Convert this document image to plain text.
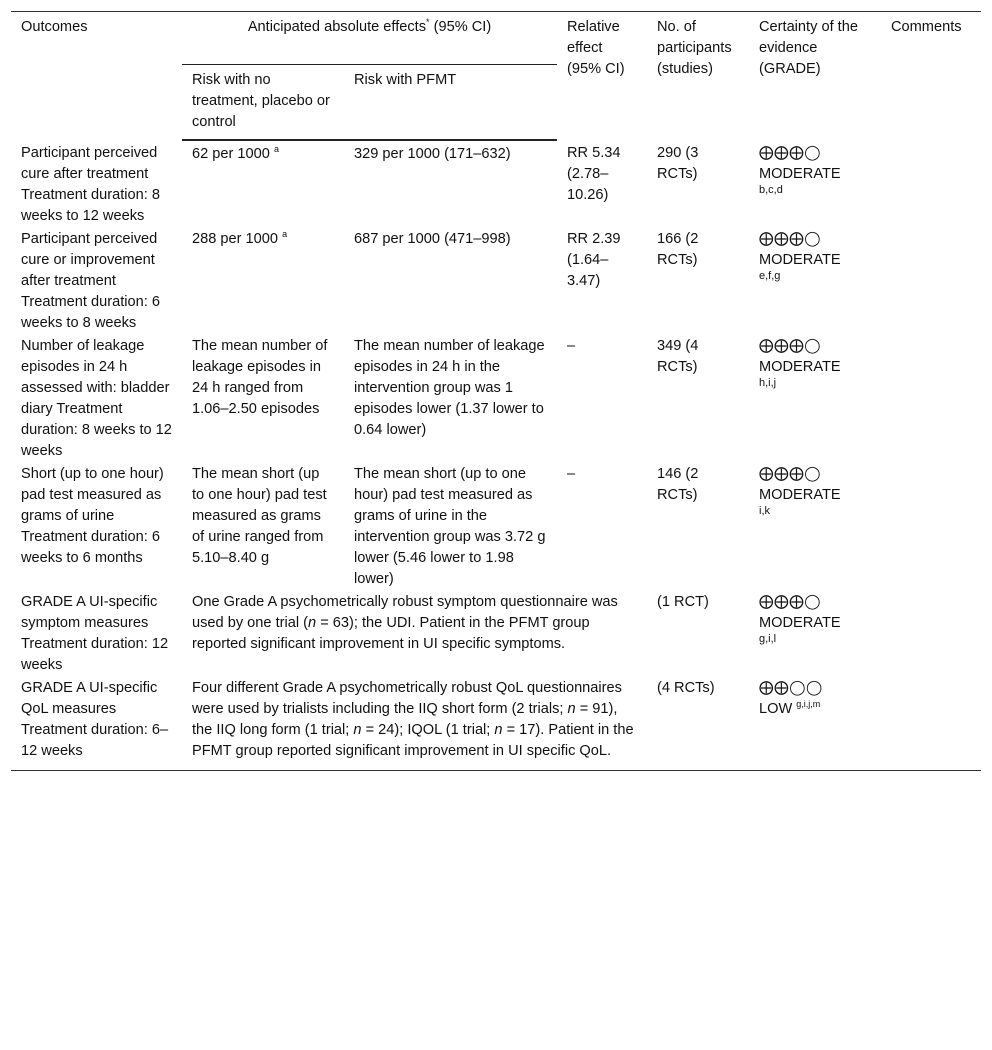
Outcomes	Anticipated absolute effects* (95% CI)		Relative effect (95% CI)	No. of participants (studies)	Certainty of the evidence (GRADE)	Comments
	Risk with no treatment, placebo or control	Risk with PFMT				
Participant perceived cure after treatment Treatment duration: 8 weeks to 12 weeks	62 per 1000 $^a$	329 per 1000 (171–632)	RR 5.34 (2.78–10.26)	290 (3 RCTs)	⨁⨁⨁◯
MODERATE
b,c,d	

Participant perceived cure or improvement after treatment Treatment duration: 6 weeks to 8 weeks	288 per 1000 $^a$	687 per 1000 (471–998)	RR 2.39 (1.64–3.47)	166 (2 RCTs)	⨁⨁⨁◯
MODERATE
e,f,g	

Number of leakage episodes in 24 h assessed with: bladder diary Treatment duration: 8 weeks to 12 weeks	The mean number of leakage episodes in 24 h ranged from 1.06–2.50 episodes	The mean number of leakage episodes in 24 h in the intervention group was 1 episodes lower (1.37 lower to 0.64 lower)	–	349 (4 RCTs)	⨁⨁⨁◯
MODERATE
h,i,j	

Short (up to one hour) pad test measured as grams of urine Treatment duration: 6 weeks to 6 months	The mean short (up to one hour) pad test measured as grams of urine ranged from 5.10–8.40 g	The mean short (up to one hour) pad test measured as grams of urine in the intervention group was 3.72 g lower (5.46 lower to 1.98 lower)	–	146 (2 RCTs)	⨁⨁⨁◯
MODERATE
i,k	

GRADE A UI-specific symptom measures Treatment duration: 12 weeks	One Grade A psychometrically robust symptom questionnaire was used by one trial (n = 63); the UDI. Patient in the PFMT group reported significant improvement in UI specific symptoms.			(1 RCT)	⨁⨁⨁◯
MODERATE
g,i,l	

GRADE A UI-specific QoL measures Treatment duration: 6–12 weeks	Four different Grade A psychometrically robust QoL questionnaires were used by trialists including the IIQ short form (2 trials; n = 91), the IIQ long form (1 trial; n = 24); IQOL (1 trial; n = 17). Patient in the PFMT group reported significant improvement in UI specific QoL.			(4 RCTs)	⨁⨁◯◯
LOW $^{g,i,j,m}$	
